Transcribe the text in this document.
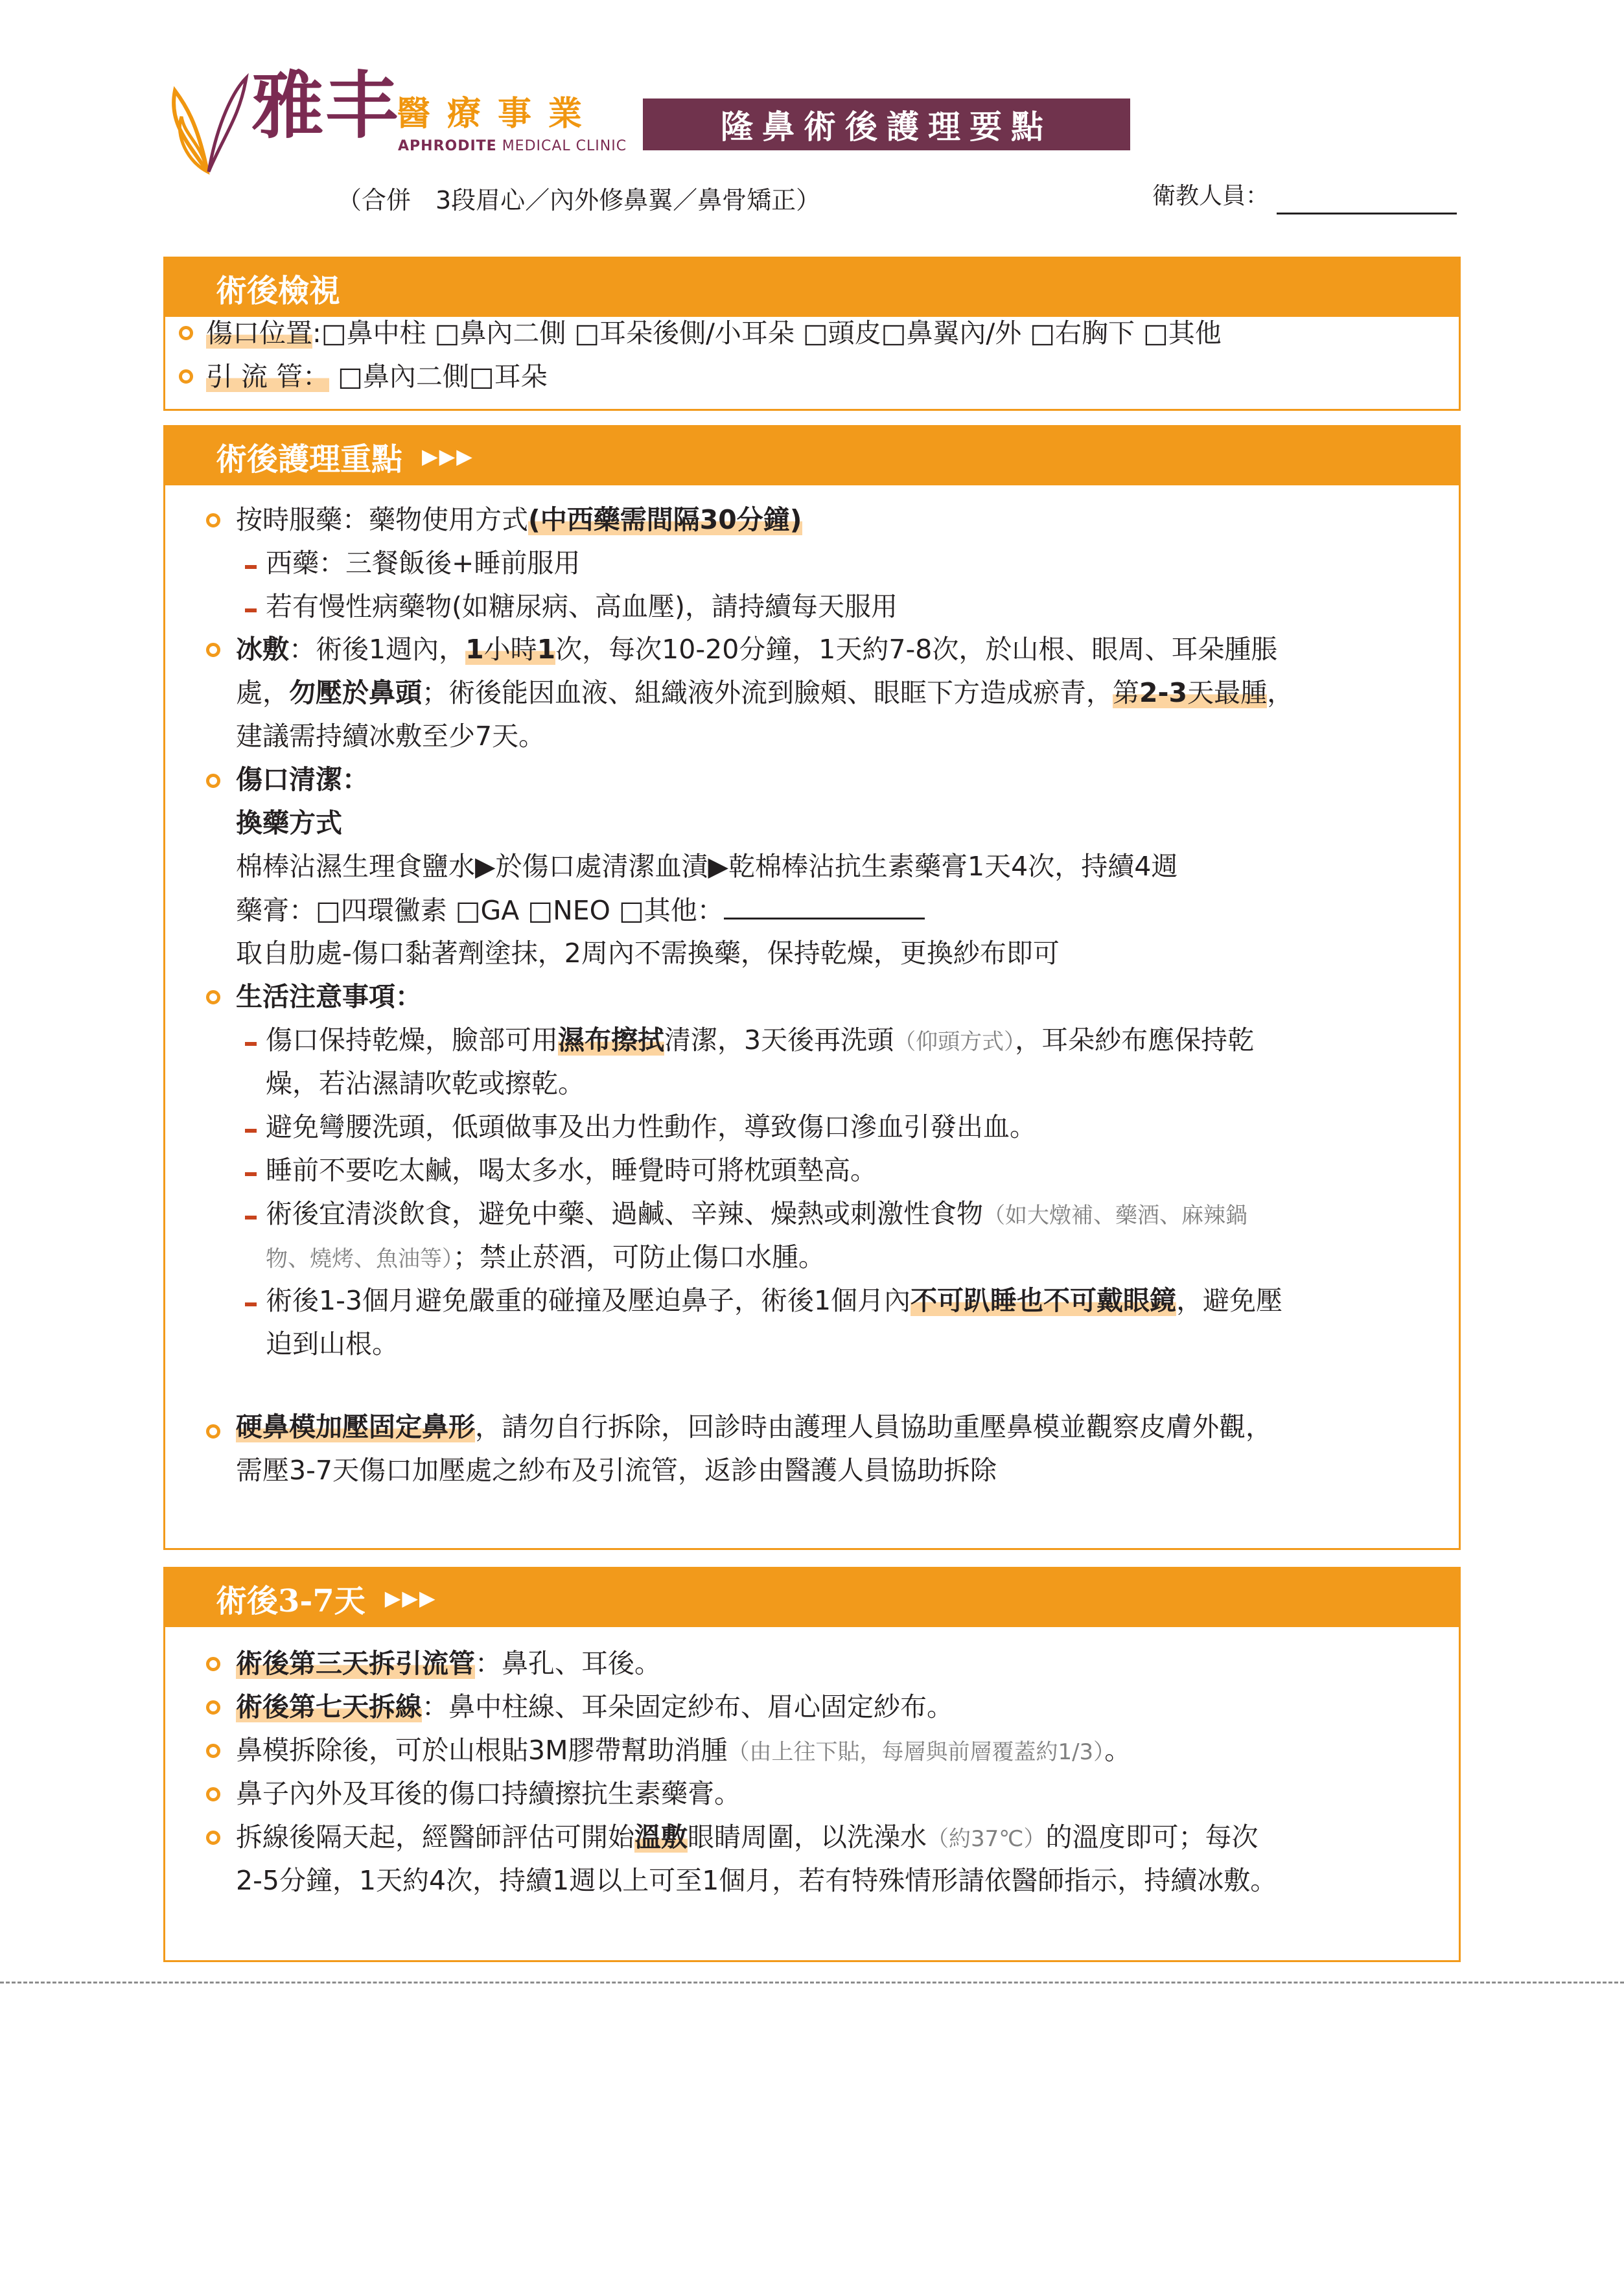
雅丰
醫療事業
APHRODITE MEDICAL CLINIC
隆鼻術後護理要點
（合併　3段眉心／內外修鼻翼／鼻骨矯正）	衛教人員：
術後檢視
傷口位置:□鼻中柱 □鼻內二側 □耳朵後側/小耳朵 □頭皮□鼻翼內/外 □右胸下 □其他
引 流 管： □鼻內二側□耳朵
術後護理重點 ▶▶▶
按時服藥：藥物使用方式(中西藥需間隔30分鐘)
西藥：三餐飯後+睡前服用
若有慢性病藥物(如糖尿病、高血壓)，請持續每天服用
冰敷：術後1週內，1小時1次，每次10-20分鐘，1天約7-8次，於山根、眼周、耳朵腫脹
處，勿壓於鼻頭；術後能因血液、組織液外流到臉頰、眼眶下方造成瘀青，第2-3天最腫，
建議需持續冰敷至少7天。
傷口清潔：
換藥方式
棉棒沾濕生理食鹽水▶於傷口處清潔血漬▶乾棉棒沾抗生素藥膏1天4次，持續4週
藥膏：□四環黴素 □GA □NEO □其他：
取自肋處-傷口黏著劑塗抹，2周內不需換藥，保持乾燥，更換紗布即可
生活注意事項：
傷口保持乾燥，臉部可用濕布擦拭清潔，3天後再洗頭（仰頭方式），耳朵紗布應保持乾
燥，若沾濕請吹乾或擦乾。
避免彎腰洗頭，低頭做事及出力性動作，導致傷口滲血引發出血。
睡前不要吃太鹹，喝太多水，睡覺時可將枕頭墊高。
術後宜清淡飲食，避免中藥、過鹹、辛辣、燥熱或刺激性食物（如大燉補、藥酒、麻辣鍋
物、燒烤、魚油等）；禁止菸酒，可防止傷口水腫。
術後1-3個月避免嚴重的碰撞及壓迫鼻子，術後1個月內不可趴睡也不可戴眼鏡，避免壓
迫到山根。
硬鼻模加壓固定鼻形，請勿自行拆除，回診時由護理人員協助重壓鼻模並觀察皮膚外觀，
需壓3-7天傷口加壓處之紗布及引流管，返診由醫護人員協助拆除
術後3-7天 ▶▶▶
術後第三天拆引流管：鼻孔、耳後。
術後第七天拆線：鼻中柱線、耳朵固定紗布、眉心固定紗布。
鼻模拆除後，可於山根貼3M膠帶幫助消腫（由上往下貼，每層與前層覆蓋約1/3）。
鼻子內外及耳後的傷口持續擦抗生素藥膏。
拆線後隔天起，經醫師評估可開始溫敷眼睛周圍，以洗澡水（約37℃）的溫度即可；每次
2-5分鐘，1天約4次，持續1週以上可至1個月，若有特殊情形請依醫師指示，持續冰敷。
